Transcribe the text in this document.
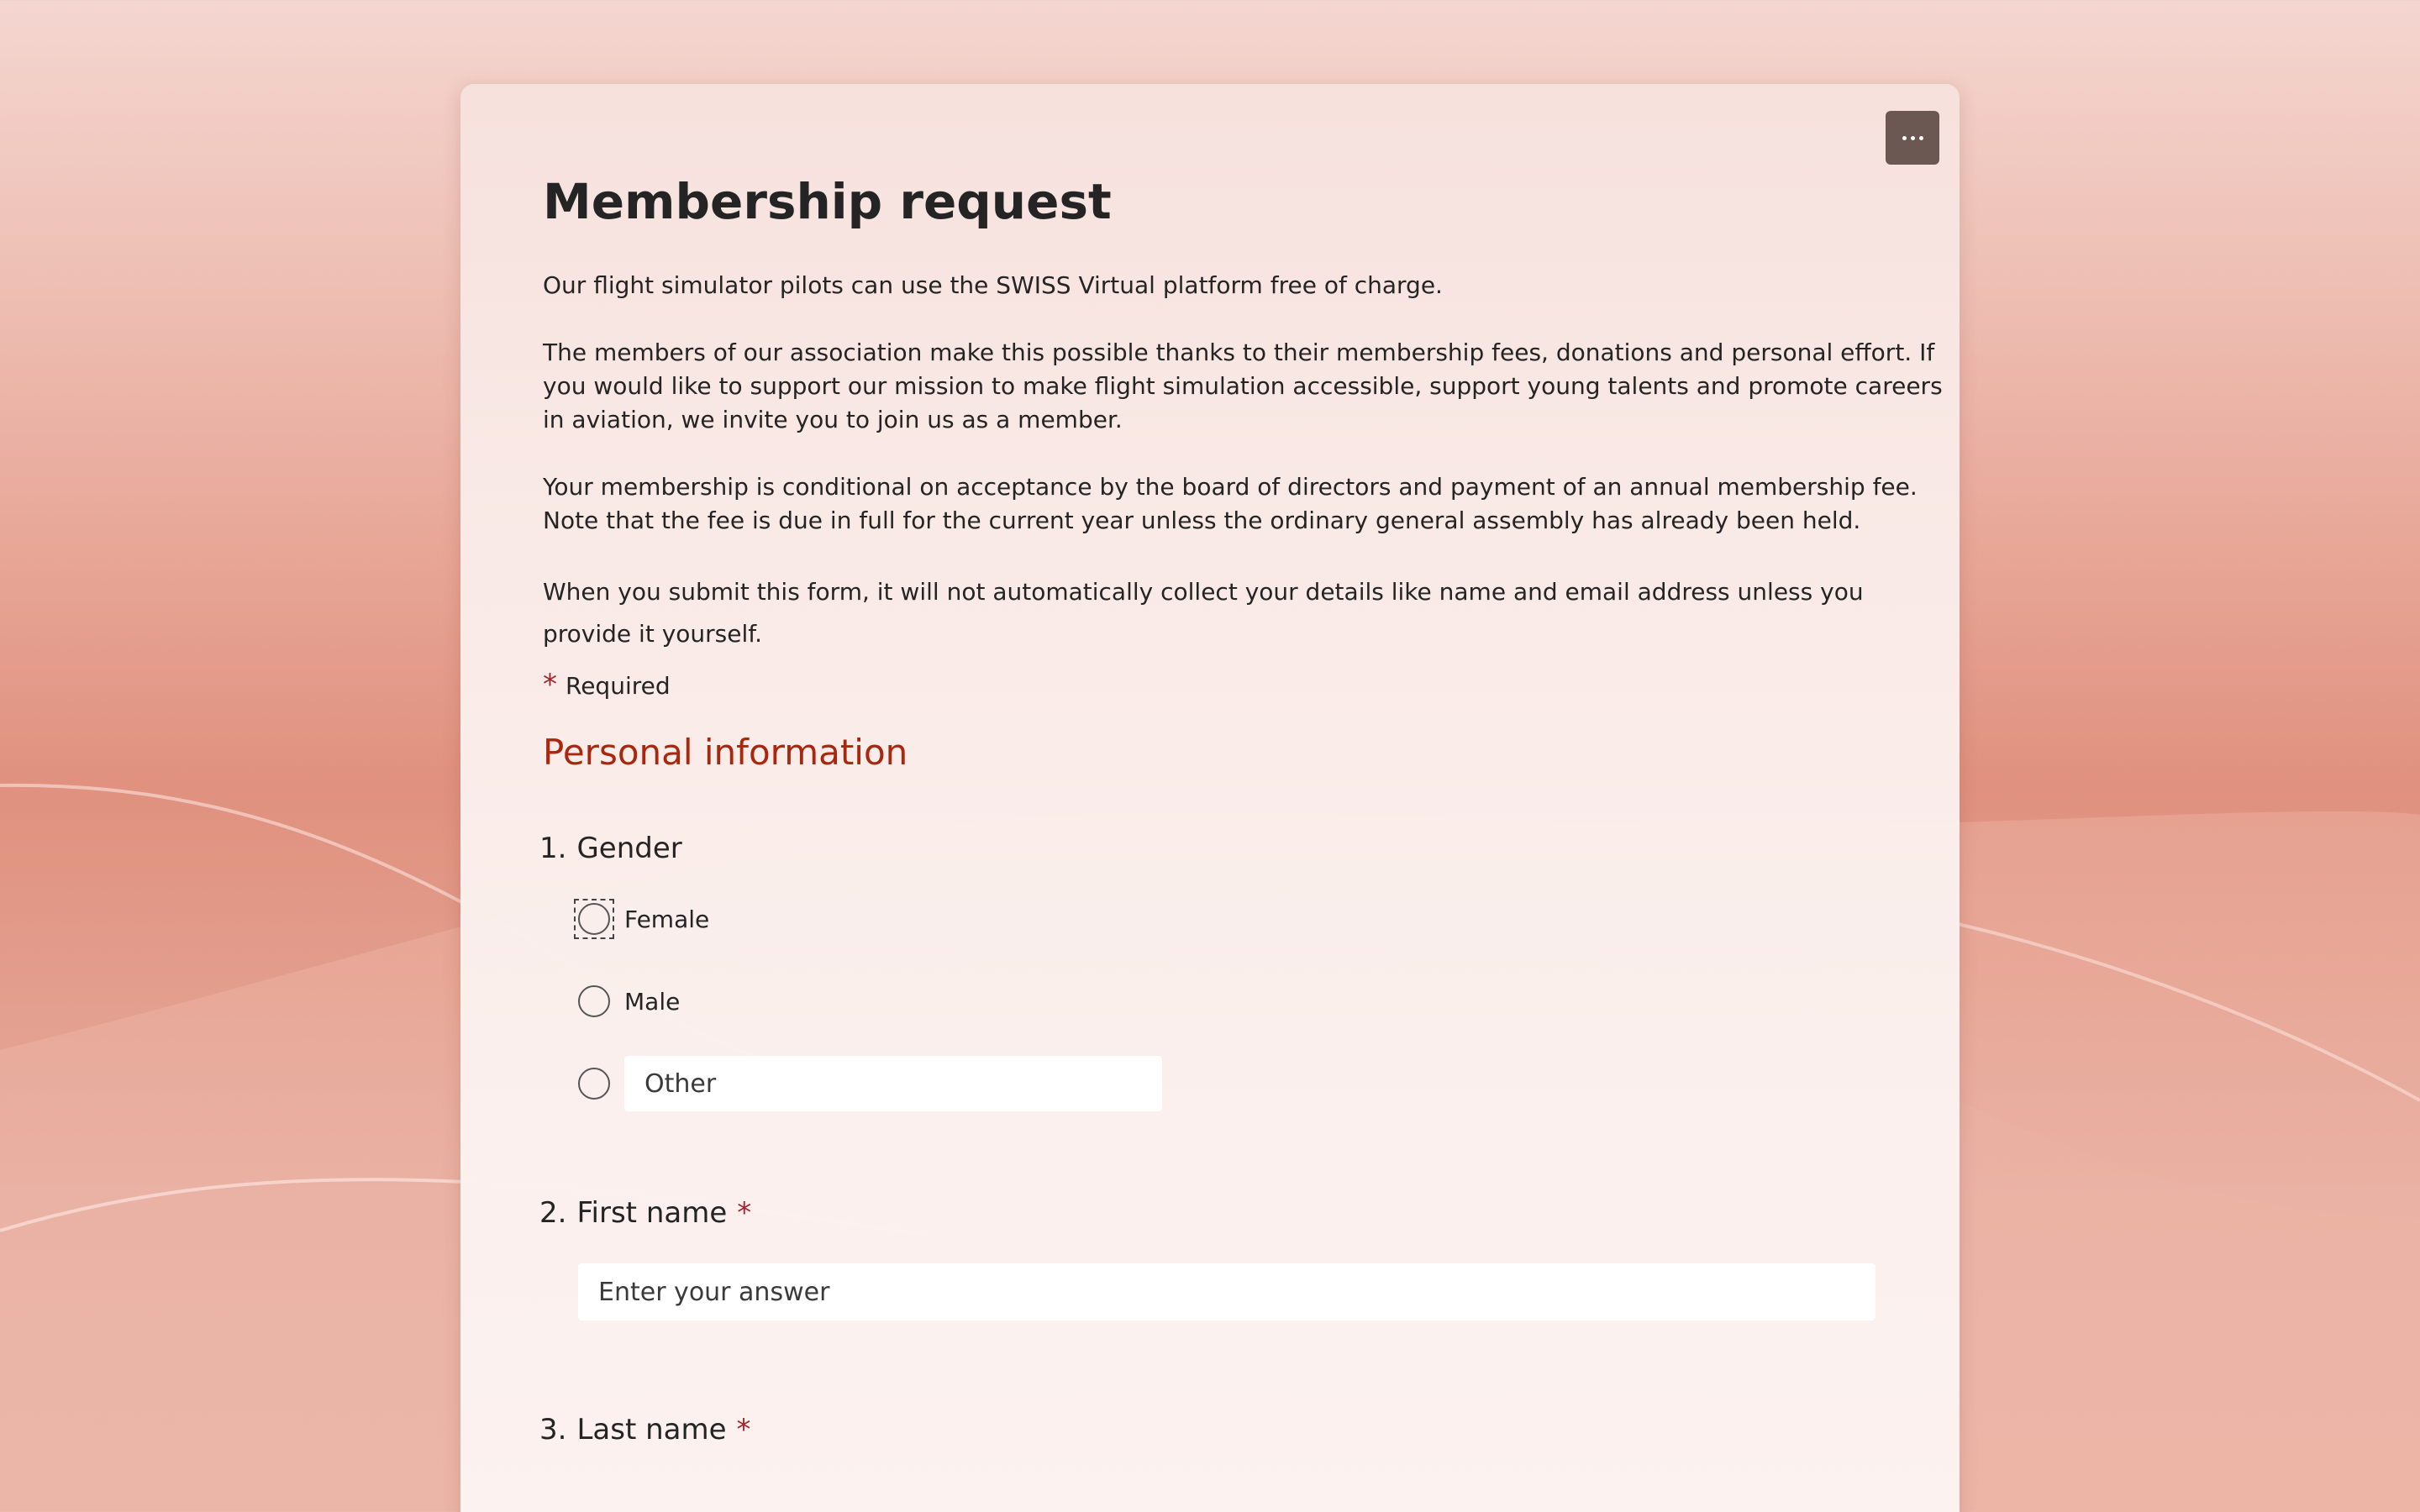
Membership request

Our flight simulator pilots can use the SWISS Virtual platform free of charge.

The members of our association make this possible thanks to their membership fees, donations and personal effort. If you would like to support our mission to make flight simulation accessible, support young talents and promote careers in aviation, we invite you to join us as a member.

Your membership is conditional on acceptance by the board of directors and payment of an annual membership fee. Note that the fee is due in full for the current year unless the ordinary general assembly has already been held.

When you submit this form, it will not automatically collect your details like name and email address unless you provide it yourself.

* Required
Personal information
1. Gender
Female
Male
Other
2. First name *
Enter your answer
3. Last name *
